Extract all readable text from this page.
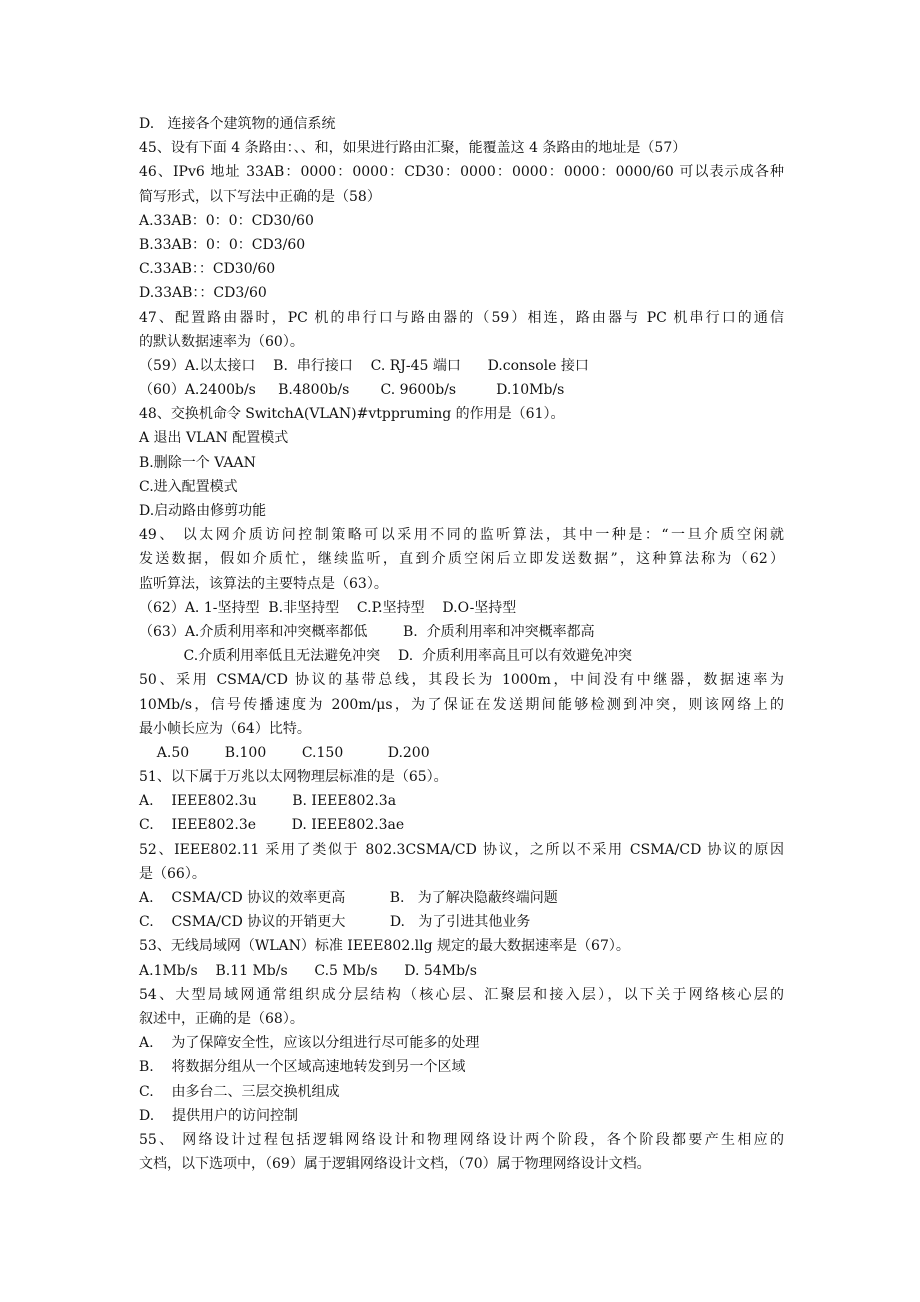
D.   连接各个建筑物的通信系统
45、设有下面 4 条路由：、、和，如果进行路由汇聚，能覆盖这 4 条路由的地址是（57）
46、IPv6 地址 33AB：0000：0000：CD30：0000：0000：0000：0000/60 可以表示成各种
简写形式，以下写法中正确的是（58）
A.33AB：0：0：CD30/60
B.33AB：0：0：CD3/60
C.33AB：：CD30/60
D.33AB：：CD3/60
47、配置路由器时，PC 机的串行口与路由器的（59）相连，路由器与 PC 机串行口的通信
的默认数据速率为（60）。
（59）A.以太接口    B.  串行接口    C. RJ-45 端口      D.console 接口
（60）A.2400b/s     B.4800b/s       C. 9600b/s         D.10Mb/s
48、交换机命令 SwitchA(VLAN)#vtppruming 的作用是（61）。
A 退出 VLAN 配置模式
B.删除一个 VAAN
C.进入配置模式
D.启动路由修剪功能
49、 以太网介质访问控制策略可以采用不同的监听算法，其中一种是：“一旦介质空闲就
发送数据，假如介质忙，继续监听，直到介质空闲后立即发送数据”，这种算法称为（62）
监听算法，该算法的主要特点是（63）。
（62）A. 1-坚持型  B.非坚持型    C.P.坚持型    D.O-坚持型
（63）A.介质利用率和冲突概率都低        B.  介质利用率和冲突概率都高
C.介质利用率低且无法避免冲突    D.  介质利用率高且可以有效避免冲突
50、采用 CSMA/CD 协议的基带总线，其段长为 1000m，中间没有中继器，数据速率为
10Mb/s，信号传播速度为 200m/μs，为了保证在发送期间能够检测到冲突，则该网络上的
最小帧长应为（64）比特。
A.50        B.100        C.150          D.200
51、以下属于万兆以太网物理层标准的是（65）。
A.    IEEE802.3u        B. IEEE802.3a
C.    IEEE802.3e        D. IEEE802.3ae
52、IEEE802.11 采用了类似于 802.3CSMA/CD 协议，之所以不采用 CSMA/CD 协议的原因
是（66）。
A.    CSMA/CD 协议的效率更高          B.   为了解决隐蔽终端问题
C.    CSMA/CD 协议的开销更大          D.   为了引进其他业务
53、无线局域网（WLAN）标准 IEEE802.llg 规定的最大数据速率是（67）。
A.1Mb/s    B.11 Mb/s      C.5 Mb/s      D. 54Mb/s
54、大型局域网通常组织成分层结构（核心层、汇聚层和接入层），以下关于网络核心层的
叙述中，正确的是（68）。
A.    为了保障安全性，应该以分组进行尽可能多的处理
B.    将数据分组从一个区域高速地转发到另一个区域
C.    由多台二、三层交换机组成
D.    提供用户的访问控制
55、 网络设计过程包括逻辑网络设计和物理网络设计两个阶段，各个阶段都要产生相应的
文档，以下选项中，（69）属于逻辑网络设计文档，（70）属于物理网络设计文档。
